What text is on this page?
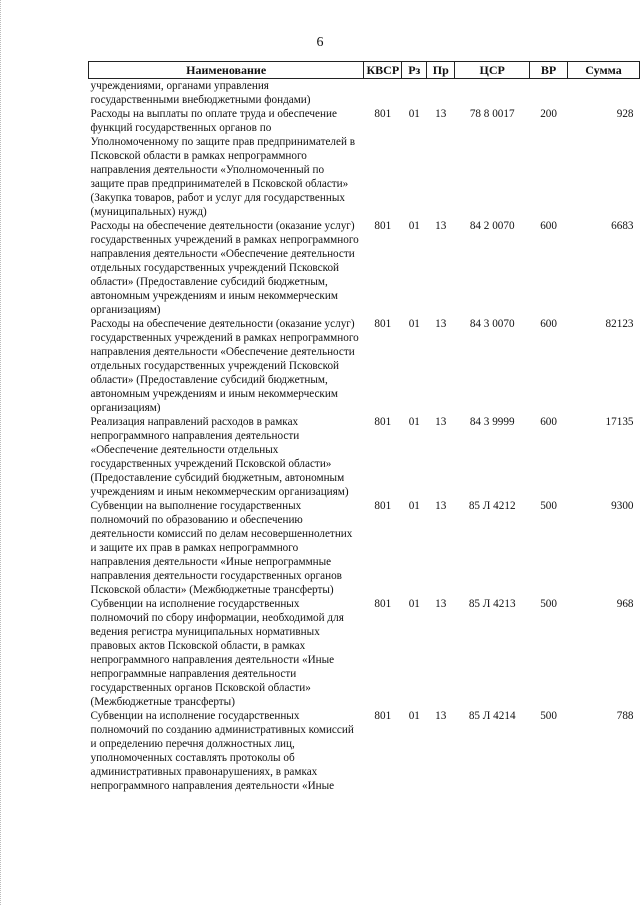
6
Наименование	КВСР	Рз	Пр	ЦСР	ВР	Сумма
учреждениями, органами управления государственными внебюджетными фондами)						
Расходы на выплаты по оплате труда и обеспечение функций государственных органов по Уполномоченному по защите прав предпринимателей в Псковской области в рамках непрограммного направления деятельности «Уполномоченный по защите прав предпринимателей в Псковской области» (Закупка товаров, работ и услуг для государственных (муниципальных) нужд)	801	01	13	78 8 0017	200	928
Расходы на обеспечение деятельности (оказание услуг) государственных учреждений в рамках непрограммного направления деятельности «Обеспечение деятельности отдельных государственных учреждений Псковской области» (Предоставление субсидий бюджетным, автономным учреждениям и иным некоммерческим организациям)	801	01	13	84 2 0070	600	6683
Расходы на обеспечение деятельности (оказание услуг) государственных учреждений в рамках непрограммного направления деятельности «Обеспечение деятельности отдельных государственных учреждений Псковской области» (Предоставление субсидий бюджетным, автономным учреждениям и иным некоммерческим организациям)	801	01	13	84 3 0070	600	82123
Реализация направлений расходов в рамках непрограммного направления деятельности «Обеспечение деятельности отдельных государственных учреждений Псковской области» (Предоставление субсидий бюджетным, автономным учреждениям и иным некоммерческим организациям)	801	01	13	84 3 9999	600	17135
Субвенции на выполнение государственных полномочий по образованию и обеспечению деятельности комиссий по делам несовершеннолетних и защите их прав в рамках непрограммного направления деятельности «Иные непрограммные направления деятельности государственных органов Псковской области» (Межбюджетные трансферты)	801	01	13	85 Л 4212	500	9300
Субвенции на исполнение государственных полномочий по сбору информации, необходимой для ведения регистра муниципальных нормативных правовых актов Псковской области, в рамках непрограммного направления деятельности «Иные непрограммные направления деятельности государственных органов Псковской области» (Межбюджетные трансферты)	801	01	13	85 Л 4213	500	968
Субвенции на исполнение государственных полномочий по созданию административных комиссий и определению перечня должностных лиц, уполномоченных составлять протоколы об административных правонарушениях, в рамках непрограммного направления деятельности «Иные	801	01	13	85 Л 4214	500	788
